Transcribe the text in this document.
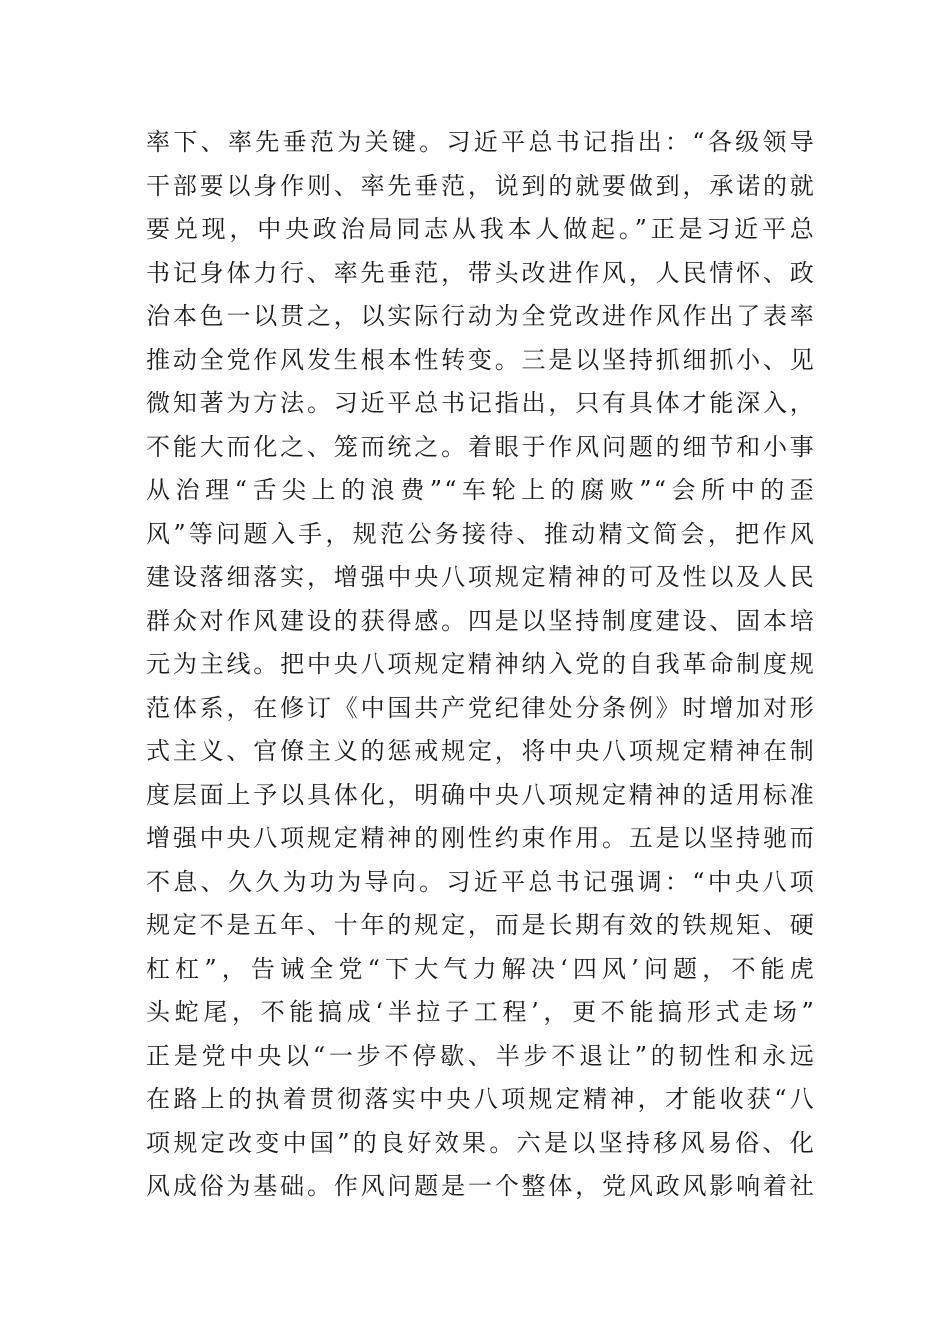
率下、率先垂范为关键。习近平总书记指出：“各级领导
干部要以身作则、率先垂范，说到的就要做到，承诺的就
要兑现，中央政治局同志从我本人做起。”正是习近平总
书记身体力行、率先垂范，带头改进作风，人民情怀、政
治本色一以贯之，以实际行动为全党改进作风作出了表率
推动全党作风发生根本性转变。三是以坚持抓细抓小、见
微知著为方法。习近平总书记指出，只有具体才能深入，
不能大而化之、笼而统之。着眼于作风问题的细节和小事
从治理“舌尖上的浪费”“车轮上的腐败”“会所中的歪
风”等问题入手，规范公务接待、推动精文简会，把作风
建设落细落实，增强中央八项规定精神的可及性以及人民
群众对作风建设的获得感。四是以坚持制度建设、固本培
元为主线。把中央八项规定精神纳入党的自我革命制度规
范体系，在修订《中国共产党纪律处分条例》时增加对形
式主义、官僚主义的惩戒规定，将中央八项规定精神在制
度层面上予以具体化，明确中央八项规定精神的适用标准
增强中央八项规定精神的刚性约束作用。五是以坚持驰而
不息、久久为功为导向。习近平总书记强调：“中央八项
规定不是五年、十年的规定，而是长期有效的铁规矩、硬
杠杠”，告诫全党“下大气力解决‘四风’问题，不能虎
头蛇尾，不能搞成‘半拉子工程’，更不能搞形式走场”
正是党中央以“一步不停歇、半步不退让”的韧性和永远
在路上的执着贯彻落实中央八项规定精神，才能收获“八
项规定改变中国”的良好效果。六是以坚持移风易俗、化
风成俗为基础。作风问题是一个整体，党风政风影响着社
